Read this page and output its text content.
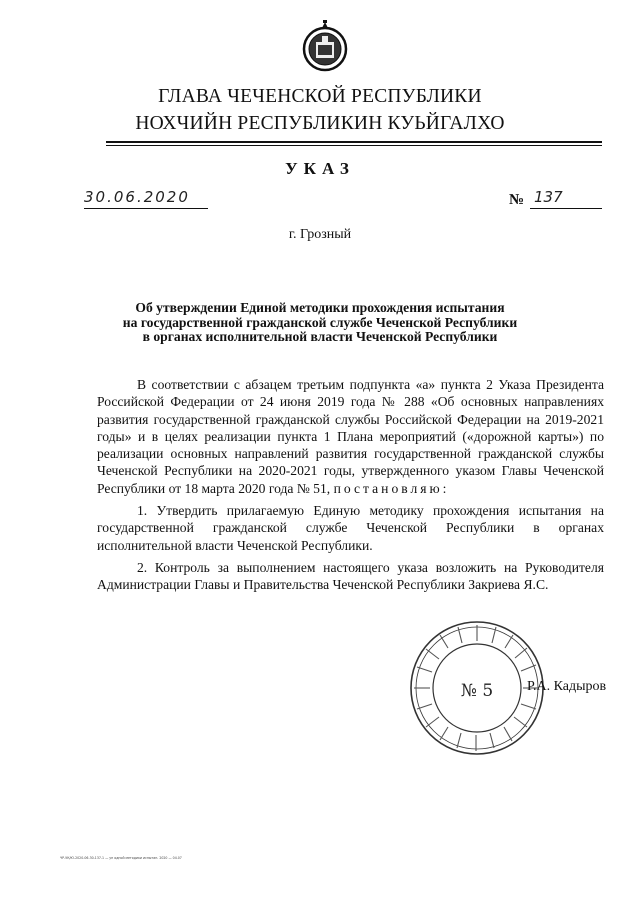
ГЛАВА ЧЕЧЕНСКОЙ РЕСПУБЛИКИ
НОХЧИЙН РЕСПУБЛИКИН КУЬЙГАЛХО
УКАЗ
30.06.2020	№ 137
г. Грозный
Об утверждении Единой методики прохождения испытания
на государственной гражданской службе Чеченской Республики
в органах исполнительной власти Чеченской Республики

В соответствии с абзацем третьим подпункта «а» пункта 2 Указа Президента Российской Федерации от 24 июня 2019 года № 288 «Об основных направлениях развития государственной гражданской службы Российской Федерации на 2019-2021 годы» и в целях реализации пункта 1 Плана мероприятий («дорожной карты») по реализации основных направлений развития государственной гражданской службы Чеченской Республики на 2020-2021 годы, утвержденного указом Главы Чеченской Республики от 18 марта 2020 года № 51, постановляю:

1. Утвердить прилагаемую Единую методику прохождения испытания на государственной гражданской службе Чеченской Республики в органах исполнительной власти Чеченской Республики.

2. Контроль за выполнением настоящего указа возложить на Руководителя Администрации Главы и Правительства Чеченской Республики Закриева Я.С.

№ 5 Р.А. Кадыров
ЧР-УК/Ю-2020-06-30-137-1 — ун одной методики испытан. 2020 — 04.07
